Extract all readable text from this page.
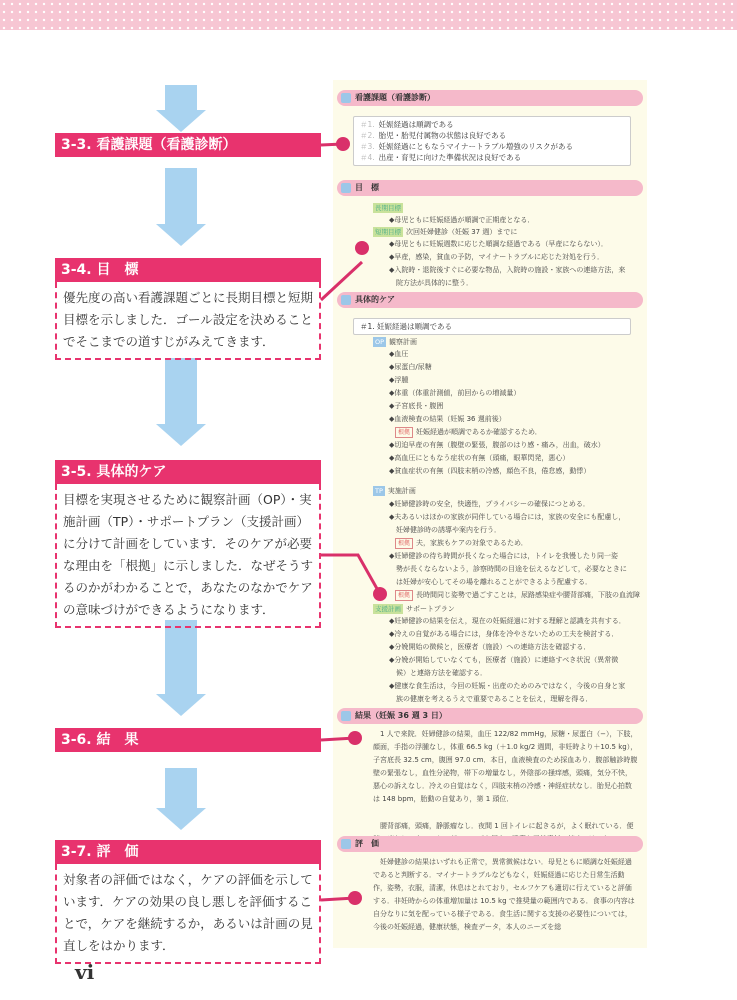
3-3. 看護課題（看護診断）
3-4. 目　標
優先度の高い看護課題ごとに長期目標と短期目標を示しました．ゴール設定を決めることでそこまでの道すじがみえてきます．
3-5. 具体的ケア
目標を実現させるために観察計画（OP）・実施計画（TP）・サポートプラン（支援計画）に分けて計画をしています．そのケアが必要な理由を「根拠」に示しました．なぜそうするのかがわかることで，あなたのなかでケアの意味づけができるようになります．
3-6. 結　果
3-7. 評　価
対象者の評価ではなく，ケアの評価を示しています．ケアの効果の良し悪しを評価することで，ケアを継続するか，あるいは計画の見直しをはかります．
看護課題（看護診断）
＃1. 妊娠経過は順調である
＃2. 胎児・胎児付属物の状態は良好である
＃3. 妊娠経過にともなうマイナートラブル増強のリスクがある
＃4. 出産・育児に向けた準備状況は良好である
目　標
長期目標
◆母児ともに妊娠経過が順調で正期産となる．
短期目標 次回妊婦健診（妊娠 37 週）までに
◆母児ともに妊娠週数に応じた順調な経過である（早産にならない）．
◆早産，感染，貧血の予防，マイナートラブルに応じた対処を行う．
◆入院時・退院後すぐに必要な物品，入院時の施設・家族への連絡方法，来
　院方法が具体的に整う．
具体的ケア
＃1. 妊娠経過は順調である
OP 観察計画
◆血圧
◆尿蛋白/尿糖
◆浮腫
◆体重（体重計測値，前回からの増減量）
◆子宮底長・腹囲
◆血液検査の結果（妊娠 36 週前後）
根拠 妊娠経過が順調であるか確認するため．
◆切迫早産の有無（腹壁の緊張，腹部のはり感・痛み，出血，破水）
◆高血圧にともなう症状の有無（頭痛，眼華閃発，悪心）
◆貧血症状の有無（四肢末梢の冷感，顔色不良，倦怠感，動悸）
TP 実施計画
◆妊婦健診時の安全，快適性，プライバシーの確保につとめる．
◆夫あるいはほかの家族が同伴している場合には，家族の安全にも配慮し，
　妊婦健診時の誘導や案内を行う．
根拠 夫，家族もケアの対象であるため．
◆妊婦健診の待ち時間が長くなった場合には，トイレを我慢したり同一姿
　勢が長くならないよう，診察時間の目途を伝えるなどして，必要なときに
　は妊婦が安心してその場を離れることができるよう配慮する．
根拠 長時間同じ姿勢で過ごすことは，尿路感染症や腰背部痛，下肢の血流障
支援計画 サポートプラン
◆妊婦健診の結果を伝え，現在の妊娠経過に対する理解と認識を共有する．
◆冷えの自覚がある場合には，身体を冷やさないための工夫を検討する．
◆分娩開始の徴候と，医療者（施設）への連絡方法を確認する．
◆分娩が開始していなくても，医療者（施設）に連絡すべき状況（異常徴
　候）と連絡方法を確認する．
◆健康な食生活は，今回の妊娠・出産のためのみではなく，今後の自身と家
　族の健康を考えるうえで重要であることを伝え，理解を得る．
結果（妊娠 36 週 3 日）
1 人で来院．妊婦健診の結果，血圧 122/82 mmHg，尿糖・尿蛋白（−），下肢，顔面，手指の浮腫なし，体重 66.5 kg（＋1.0 kg/2 週間，非妊時より＋10.5 kg），子宮底長 32.5 cm，腹囲 97.0 cm．本日，血液検査のため採血あり．腹部触診時腹壁の緊張なし，血性分泌物，帯下の増量なし，外陰部の掻痒感，頭痛，気分不快，悪心の訴えなし．冷えの自覚はなく，四肢末梢の冷感・神経症状なし．胎児心拍数は 148 bpm，胎動の自覚あり，第 1 頭位．
腰背部痛，頭痛，静脈瘤なし．夜間 1 回トイレに起きるが，よく眠れている．便
評　価
妊婦健診の結果はいずれも正常で，異常徴候はない．母児ともに順調な妊娠経過であると判断する．マイナートラブルなどもなく，妊娠経過に応じた日常生活動作，姿勢，衣服，清潔，休息はとれており，セルフケアも適切に行えていると評価する．非妊時からの体重増加量は 10.5 kg で推奨量の範囲内である．食事の内容は自分なりに気を配っている様子である．食生活に関する支援の必要性については，今後の妊娠経過，健康状態，検査データ，本人のニーズを総
vi
